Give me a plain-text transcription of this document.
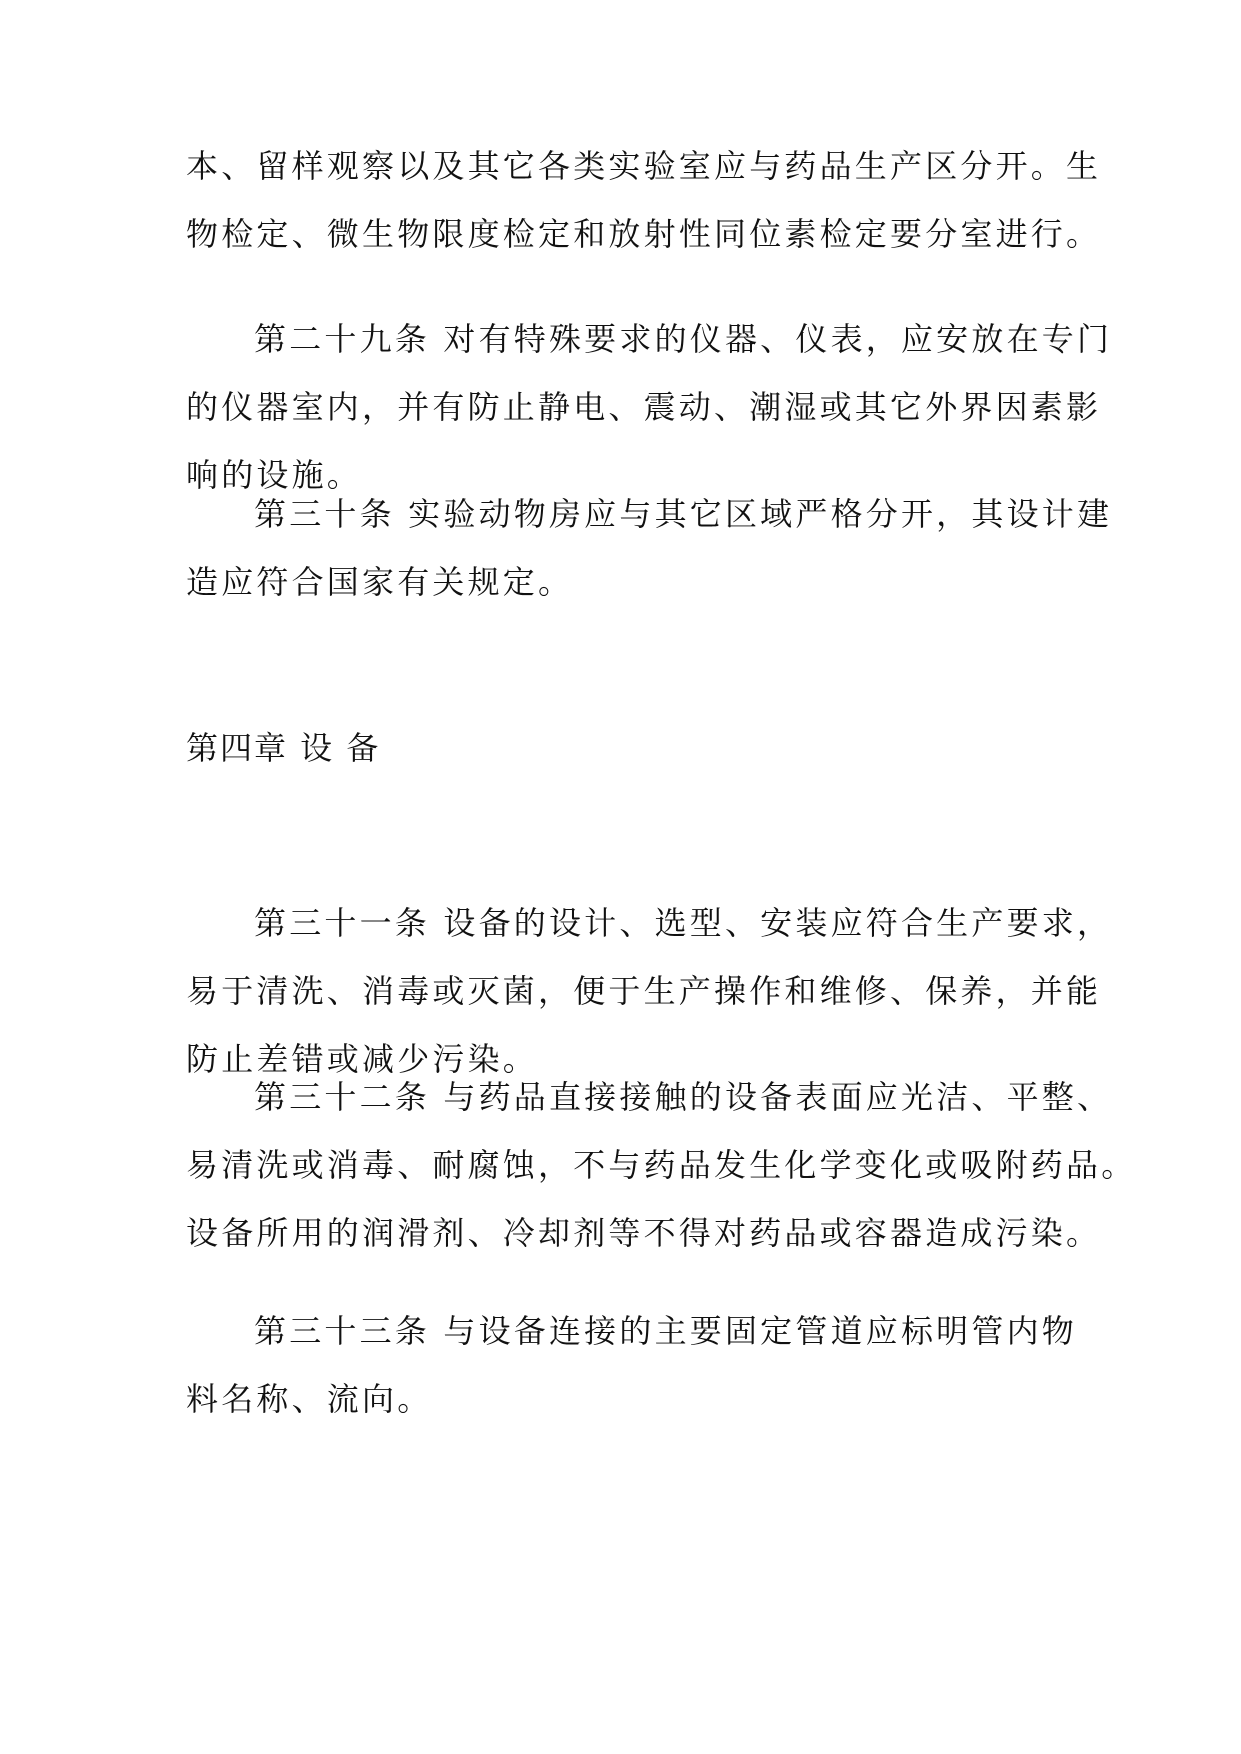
本、留样观察以及其它各类实验室应与药品生产区分开。生
物检定、微生物限度检定和放射性同位素检定要分室进行。
第二十九条 对有特殊要求的仪器、仪表，应安放在专门
的仪器室内，并有防止静电、震动、潮湿或其它外界因素影
响的设施。
第三十条 实验动物房应与其它区域严格分开，其设计建
造应符合国家有关规定。
第四章 设 备
第三十一条 设备的设计、选型、安装应符合生产要求，
易于清洗、消毒或灭菌，便于生产操作和维修、保养，并能
防止差错或减少污染。
第三十二条 与药品直接接触的设备表面应光洁、平整、
易清洗或消毒、耐腐蚀，不与药品发生化学变化或吸附药品。
设备所用的润滑剂、冷却剂等不得对药品或容器造成污染。
第三十三条 与设备连接的主要固定管道应标明管内物
料名称、流向。
